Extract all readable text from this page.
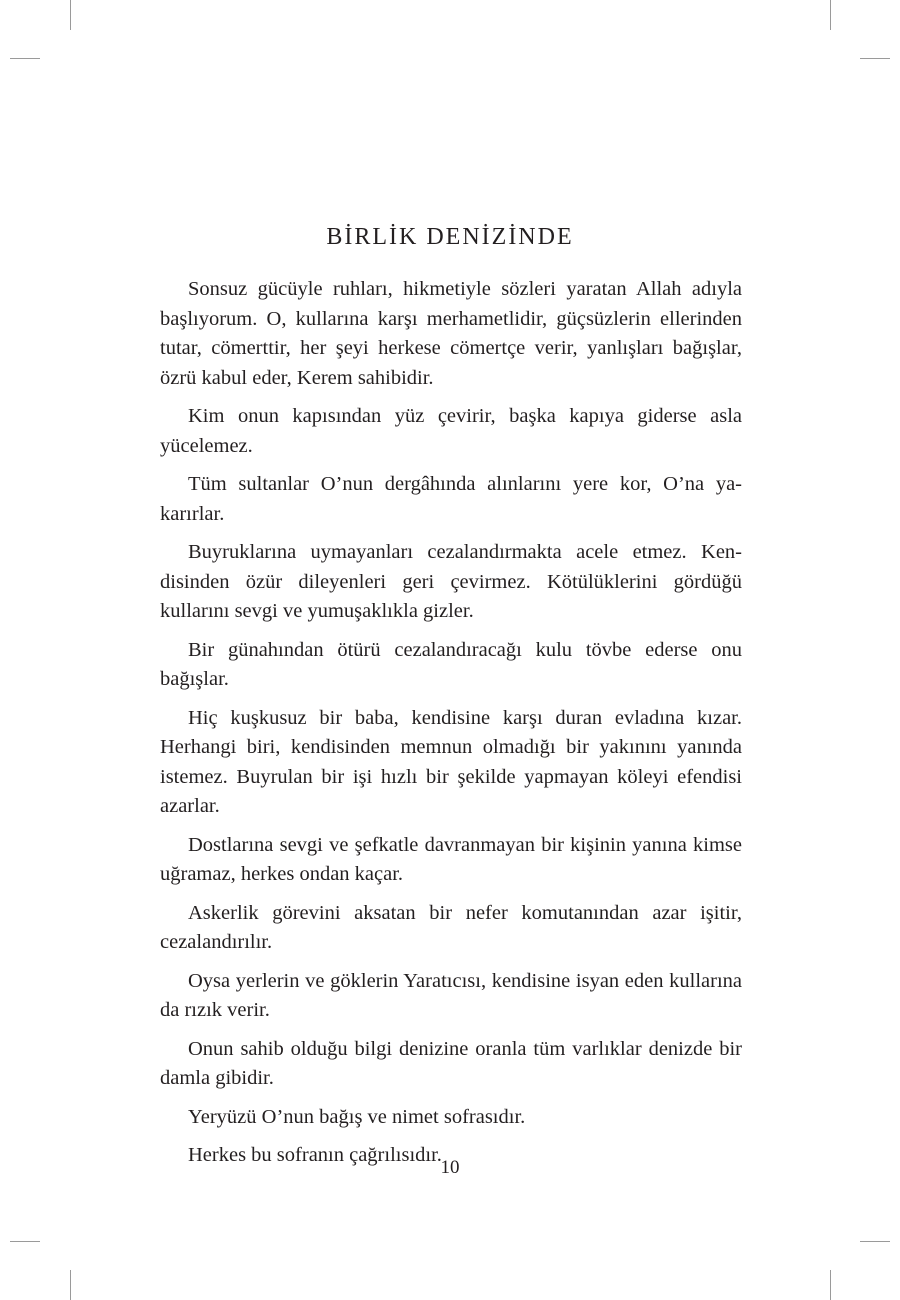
BİRLİK DENİZİNDE

Sonsuz gücüyle ruhları, hikmetiyle sözleri yaratan Allah adıyla başlıyorum. O, kullarına karşı merhametlidir, güçsüzlerin ellerinden tutar, cömerttir, her şeyi herkese cömertçe verir, yanlışları bağışlar, özrü kabul eder, Kerem sahibidir.

Kim onun kapısından yüz çevirir, başka kapıya giderse asla yücelemez.

Tüm sultanlar O’nun dergâhında alınlarını yere kor, O’na yakarırlar.

Buyruklarına uymayanları cezalandırmakta acele etmez. Kendisinden özür dileyenleri geri çevirmez. Kötülüklerini gördüğü kullarını sevgi ve yumuşaklıkla gizler.

Bir günahından ötürü cezalandıracağı kulu tövbe ederse onu bağışlar.

Hiç kuşkusuz bir baba, kendisine karşı duran evladına kızar. Herhangi biri, kendisinden memnun olmadığı bir yakınını yanında istemez. Buyrulan bir işi hızlı bir şekilde yapmayan köleyi efendisi azarlar.

Dostlarına sevgi ve şefkatle davranmayan bir kişinin yanına kimse uğramaz, herkes ondan kaçar.

Askerlik görevini aksatan bir nefer komutanından azar işitir, cezalandırılır.

Oysa yerlerin ve göklerin Yaratıcısı, kendisine isyan eden kullarına da rızık verir.

Onun sahib olduğu bilgi denizine oranla tüm varlıklar denizde bir damla gibidir.

Yeryüzü O’nun bağış ve nimet sofrasıdır.

Herkes bu sofranın çağrılısıdır.

10
